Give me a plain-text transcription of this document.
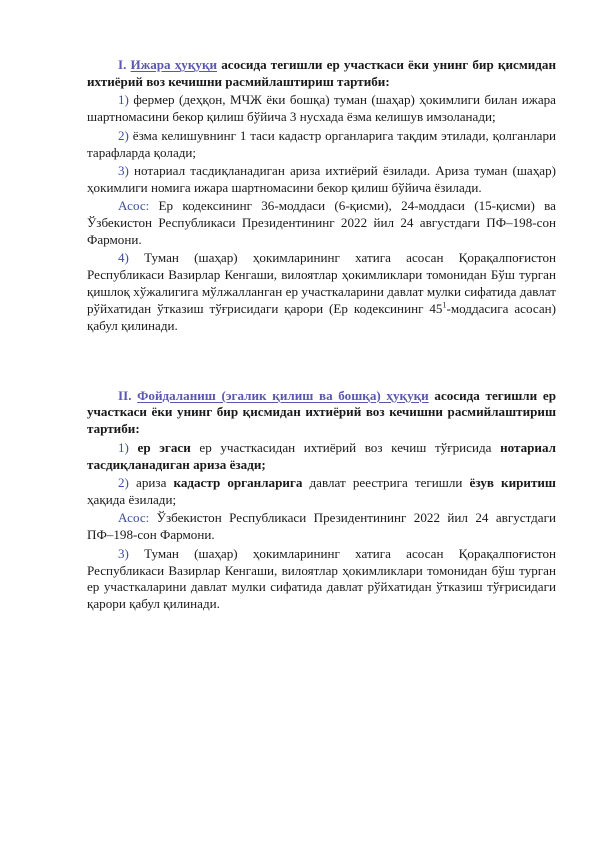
I. Ижара ҳуқуқи асосида тегишли ер участкаси ёки унинг бир қисмидан ихтиёрий воз кечишни расмийлаштириш тартиби:

1) фермер (деҳқон, МЧЖ ёки бошқа) туман (шаҳар) ҳокимлиги билан ижара шартномасини бекор қилиш бўйича 3 нусхада ёзма келишув имзоланади;

2) ёзма келишувнинг 1 таси кадастр органларига тақдим этилади, қолганлари тарафларда қолади;

3) нотариал тасдиқланадиган ариза ихтиёрий ёзилади. Ариза туман (шаҳар) ҳокимлиги номига ижара шартномасини бекор қилиш бўйича ёзилади.

Асос: Ер кодексининг 36-моддаси (6-қисми), 24-моддаси (15-қисми) ва Ўзбекистон Республикаси Президентининг 2022 йил 24 августдаги ПФ–198-сон Фармони.

4) Туман (шаҳар) ҳокимларининг хатига асосан Қорақалпоғистон Республикаси Вазирлар Кенгаши, вилоятлар ҳокимликлари томонидан Бўш турган қишлоқ хўжалигига мўлжалланган ер участкаларини давлат мулки сифатида давлат рўйхатидан ўтказиш тўғрисидаги қарори (Ер кодексининг $45^1$-моддасига асосан) қабул қилинади.

II. Фойдаланиш (эгалик қилиш ва бошқа) ҳуқуқи асосида тегишли ер участкаси ёки унинг бир қисмидан ихтиёрий воз кечишни расмийлаштириш тартиби:

1) ер эгаси ер участкасидан ихтиёрий воз кечиш тўғрисида нотариал тасдиқланадиган ариза ёзади;

2) ариза кадастр органларига давлат реестрига тегишли ёзув киритиш ҳақида ёзилади;

Асос: Ўзбекистон Республикаси Президентининг 2022 йил 24 августдаги ПФ–198-сон Фармони.

3) Туман (шаҳар) ҳокимларининг хатига асосан Қорақалпоғистон Республикаси Вазирлар Кенгаши, вилоятлар ҳокимликлари томонидан бўш турган ер участкаларини давлат мулки сифатида давлат рўйхатидан ўтказиш тўғрисидаги қарори қабул қилинади.
